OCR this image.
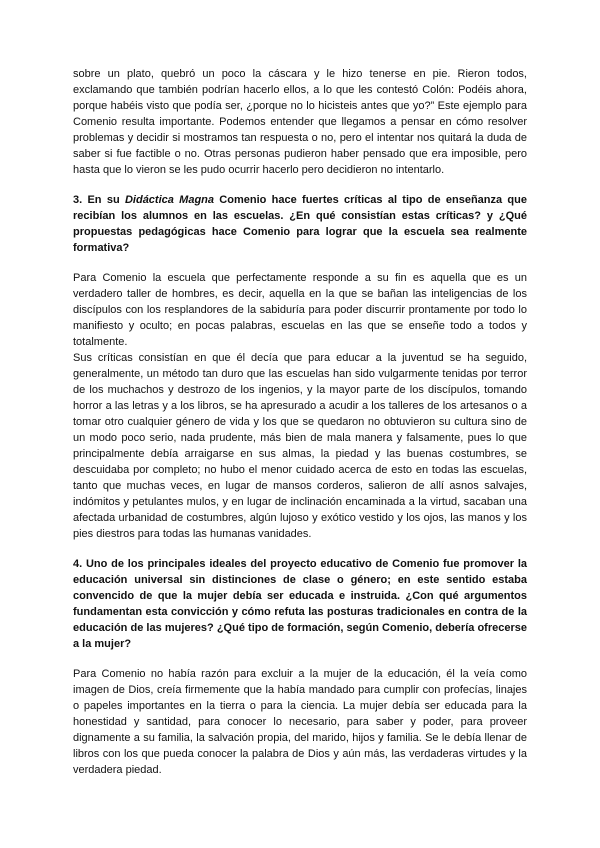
sobre un plato, quebró un poco la cáscara y le hizo tenerse en pie. Rieron todos, exclamando que también podrían hacerlo ellos, a lo que les contestó Colón: Podéis ahora, porque habéis visto que podía ser, ¿porque no lo hicisteis antes que yo?” Este ejemplo para Comenio resulta importante. Podemos entender que llegamos a pensar en cómo resolver problemas y decidir si mostramos tan respuesta o no, pero el intentar nos quitará la duda de saber si fue factible o no. Otras personas pudieron haber pensado que era imposible, pero hasta que lo vieron se les pudo ocurrir hacerlo pero decidieron no intentarlo.

3. En su Didáctica Magna Comenio hace fuertes críticas al tipo de enseñanza que recibían los alumnos en las escuelas. ¿En qué consistían estas críticas? y ¿Qué propuestas pedagógicas hace Comenio para lograr que la escuela sea realmente formativa?

Para Comenio la escuela que perfectamente responde a su fin es aquella que es un verdadero taller de hombres, es decir, aquella en la que se bañan las inteligencias de los discípulos con los resplandores de la sabiduría para poder discurrir prontamente por todo lo manifiesto y oculto; en pocas palabras, escuelas en las que se enseñe todo a todos y totalmente.

Sus críticas consistían en que él decía que para educar a la juventud se ha seguido, generalmente, un método tan duro que las escuelas han sido vulgarmente tenidas por terror de los muchachos y destrozo de los ingenios, y la mayor parte de los discípulos, tomando horror a las letras y a los libros, se ha apresurado a acudir a los talleres de los artesanos o a tomar otro cualquier género de vida y los que se quedaron no obtuvieron su cultura sino de un modo poco serio, nada prudente, más bien de mala manera y falsamente, pues lo que principalmente debía arraigarse en sus almas, la piedad y las buenas costumbres, se descuidaba por completo; no hubo el menor cuidado acerca de esto en todas las escuelas, tanto que muchas veces, en lugar de mansos corderos, salieron de allí asnos salvajes, indómitos y petulantes mulos, y en lugar de inclinación encaminada a la virtud, sacaban una afectada urbanidad de costumbres, algún lujoso y exótico vestido y los ojos, las manos y los pies diestros para todas las humanas vanidades.

4. Uno de los principales ideales del proyecto educativo de Comenio fue promover la educación universal sin distinciones de clase o género; en este sentido estaba convencido de que la mujer debía ser educada e instruida. ¿Con qué argumentos fundamentan esta convicción y cómo refuta las posturas tradicionales en contra de la educación de las mujeres? ¿Qué tipo de formación, según Comenio, debería ofrecerse a la mujer?

Para Comenio no había razón para excluir a la mujer de la educación, él la veía como imagen de Dios, creía firmemente que la había mandado para cumplir con profecías, linajes o papeles importantes en la tierra o para la ciencia. La mujer debía ser educada para la honestidad y santidad, para conocer lo necesario, para saber y poder, para proveer dignamente a su familia, la salvación propia, del marido, hijos y familia. Se le debía llenar de libros con los que pueda conocer la palabra de Dios y aún más, las verdaderas virtudes y la verdadera piedad.
